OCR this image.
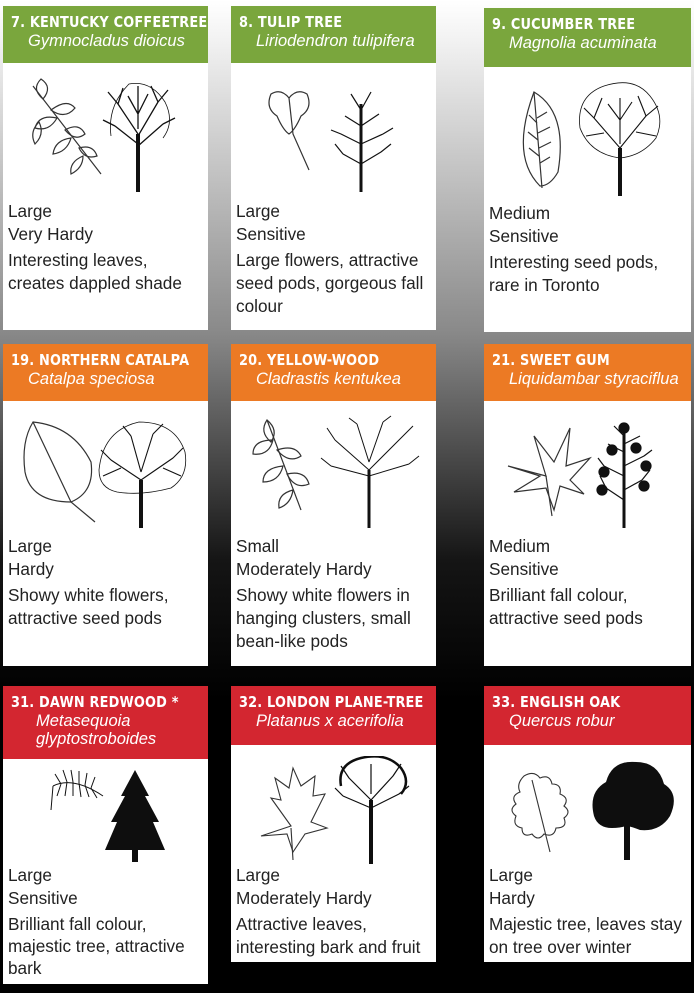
7. KENTUCKY COFFEETREE
Gymnocladus dioicus
Large
Very Hardy
Interesting leaves, creates dappled shade
8. TULIP TREE
Liriodendron tulipifera
Large
Sensitive
Large flowers, attractive seed pods, gorgeous fall colour
9. CUCUMBER TREE
Magnolia acuminata
Medium
Sensitive
Interesting seed pods, rare in Toronto
19. NORTHERN CATALPA
Catalpa speciosa
Large
Hardy
Showy white flowers, attractive seed pods
20. YELLOW-WOOD
Cladrastis kentukea
Small
Moderately Hardy
Showy white flowers in hanging clusters, small bean-like pods
21. SWEET GUM
Liquidambar styraciflua
Medium
Sensitive
Brilliant fall colour, attractive seed pods
31. DAWN REDWOOD *
Metasequoia glyptostroboides
Large
Sensitive
Brilliant fall colour, majestic tree, attractive bark
32. LONDON PLANE-TREE
Platanus x acerifolia
Large
Moderately Hardy
Attractive leaves, interesting bark and fruit
33. ENGLISH OAK
Quercus robur
Large
Hardy
Majestic tree, leaves stay on tree over winter
